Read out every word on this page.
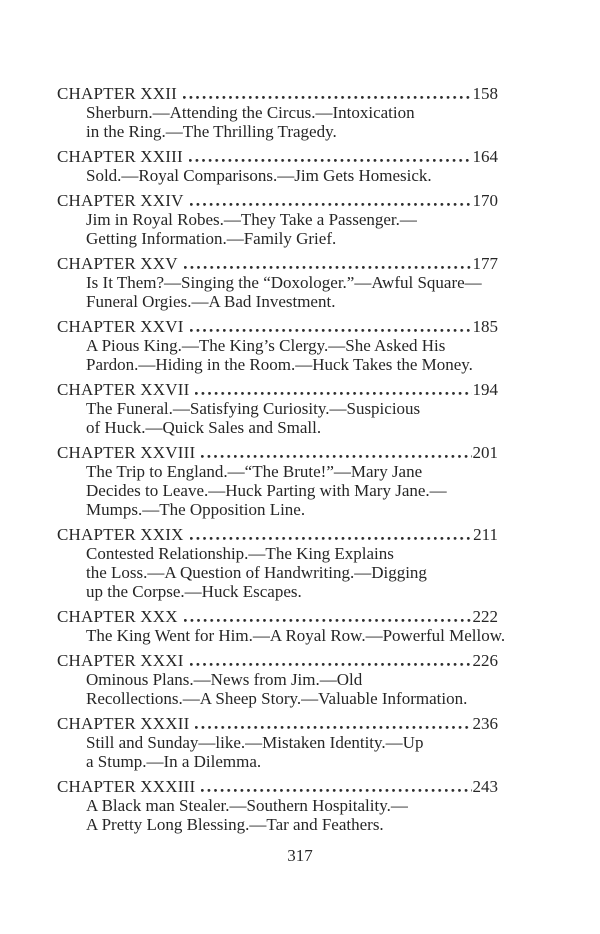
CHAPTER XXII	158
Sherburn.—Attending the Circus.—Intoxication
in the Ring.—The Thrilling Tragedy.
CHAPTER XXIII	164
Sold.—Royal Comparisons.—Jim Gets Homesick.
CHAPTER XXIV	170
Jim in Royal Robes.—They Take a Passenger.—
Getting Information.—Family Grief.
CHAPTER XXV	177
Is It Them?—Singing the “Doxologer.”—Awful Square—
Funeral Orgies.—A Bad Investment.
CHAPTER XXVI	185
A Pious King.—The King’s Clergy.—She Asked His
Pardon.—Hiding in the Room.—Huck Takes the Money.
CHAPTER XXVII	194
The Funeral.—Satisfying Curiosity.—Suspicious
of Huck.—Quick Sales and Small.
CHAPTER XXVIII	201
The Trip to England.—“The Brute!”—Mary Jane
Decides to Leave.—Huck Parting with Mary Jane.—
Mumps.—The Opposition Line.
CHAPTER XXIX	211
Contested Relationship.—The King Explains
the Loss.—A Question of Handwriting.—Digging
up the Corpse.—Huck Escapes.
CHAPTER XXX	222
The King Went for Him.—A Royal Row.—Powerful Mellow.
CHAPTER XXXI	226
Ominous Plans.—News from Jim.—Old
Recollections.—A Sheep Story.—Valuable Information.
CHAPTER XXXII	236
Still and Sunday—like.—Mistaken Identity.—Up
a Stump.—In a Dilemma.
CHAPTER XXXIII	243
A Black man Stealer.—Southern Hospitality.—
A Pretty Long Blessing.—Tar and Feathers.
317
